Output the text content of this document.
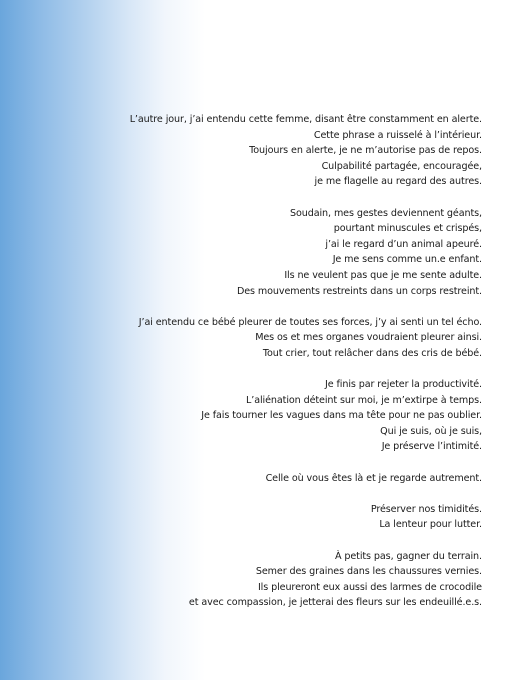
L’autre jour, j’ai entendu cette femme, disant être constamment en alerte.
Cette phrase a ruisselé à l’intérieur.
Toujours en alerte, je ne m’autorise pas de repos.
Culpabilité partagée, encouragée,
je me flagelle au regard des autres.
Soudain, mes gestes deviennent géants,
pourtant minuscules et crispés,
j’ai le regard d’un animal apeuré.
Je me sens comme un.e enfant.
Ils ne veulent pas que je me sente adulte.
Des mouvements restreints dans un corps restreint.
J’ai entendu ce bébé pleurer de toutes ses forces, j’y ai senti un tel écho.
Mes os et mes organes voudraient pleurer ainsi.
Tout crier, tout relâcher dans des cris de bébé.
Je finis par rejeter la productivité.
L’aliénation déteint sur moi, je m’extirpe à temps.
Je fais tourner les vagues dans ma tête pour ne pas oublier.
Qui je suis, où je suis,
Je préserve l’intimité.
Celle où vous êtes là et je regarde autrement.
Préserver nos timidités.
La lenteur pour lutter.
À petits pas, gagner du terrain.
Semer des graines dans les chaussures vernies.
Ils pleureront eux aussi des larmes de crocodile
et avec compassion, je jetterai des fleurs sur les endeuillé.e.s.
